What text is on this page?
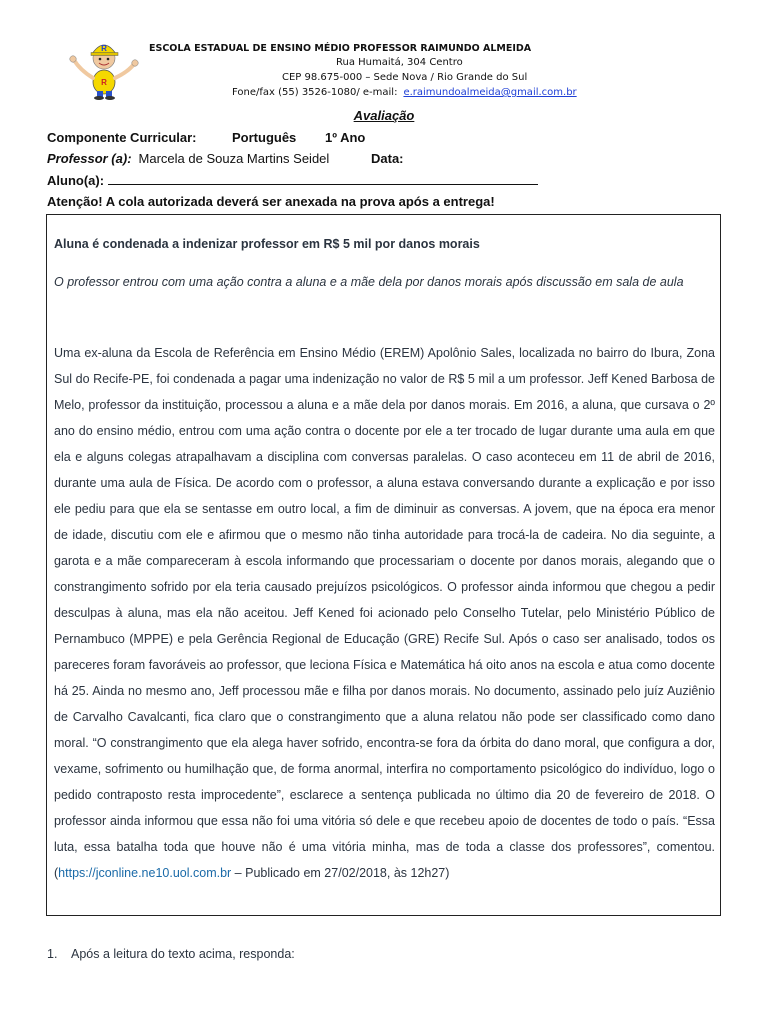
R
R
ESCOLA ESTADUAL DE ENSINO MÉDIO PROFESSOR RAIMUNDO ALMEIDA
Rua Humaitá, 304 Centro
CEP 98.675-000 – Sede Nova / Rio Grande do Sul
Fone/fax (55) 3526-1080/ e-mail: e.raimundoalmeida@gmail.com.br
Avaliação
Componente Curricular:	Português 1º Ano
Professor (a): Marcela de Souza Martins Seidel	Data:
Aluno(a):
Atenção! A cola autorizada deverá ser anexada na prova após a entrega!
Aluna é condenada a indenizar professor em R$ 5 mil por danos morais
O professor entrou com uma ação contra a aluna e a mãe dela por danos morais após discussão em sala de aula
Uma ex-aluna da Escola de Referência em Ensino Médio (EREM) Apolônio Sales, localizada no bairro do Ibura, Zona Sul do Recife-PE, foi condenada a pagar uma indenização no valor de R$ 5 mil a um professor. Jeff Kened Barbosa de Melo, professor da instituição, processou a aluna e a mãe dela por danos morais. Em 2016, a aluna, que cursava o 2º ano do ensino médio, entrou com uma ação contra o docente por ele a ter trocado de lugar durante uma aula em que ela e alguns colegas atrapalhavam a disciplina com conversas paralelas. O caso aconteceu em 11 de abril de 2016, durante uma aula de Física. De acordo com o professor, a aluna estava conversando durante a explicação e por isso ele pediu para que ela se sentasse em outro local, a fim de diminuir as conversas. A jovem, que na época era menor de idade, discutiu com ele e afirmou que o mesmo não tinha autoridade para trocá-la de cadeira. No dia seguinte, a garota e a mãe compareceram à escola informando que processariam o docente por danos morais, alegando que o constrangimento sofrido por ela teria causado prejuízos psicológicos. O professor ainda informou que chegou a pedir desculpas à aluna, mas ela não aceitou. Jeff Kened foi acionado pelo Conselho Tutelar, pelo Ministério Público de Pernambuco (MPPE) e pela Gerência Regional de Educação (GRE) Recife Sul. Após o caso ser analisado, todos os pareceres foram favoráveis ao professor, que leciona Física e Matemática há oito anos na escola e atua como docente há 25. Ainda no mesmo ano, Jeff processou mãe e filha por danos morais. No documento, assinado pelo juíz Auziênio de Carvalho Cavalcanti, fica claro que o constrangimento que a aluna relatou não pode ser classificado como dano moral. “O constrangimento que ela alega haver sofrido, encontra-se fora da órbita do dano moral, que configura a dor, vexame, sofrimento ou humilhação que, de forma anormal, interfira no comportamento psicológico do indivíduo, logo o pedido contraposto resta improcedente”, esclarece a sentença publicada no último dia 20 de fevereiro de 2018. O professor ainda informou que essa não foi uma vitória só dele e que recebeu apoio de docentes de todo o país. “Essa luta, essa batalha toda que houve não é uma vitória minha, mas de toda a classe dos professores”, comentou. (https://jconline.ne10.uol.com.br – Publicado em 27/02/2018, às 12h27)
1. Após a leitura do texto acima, responda:
